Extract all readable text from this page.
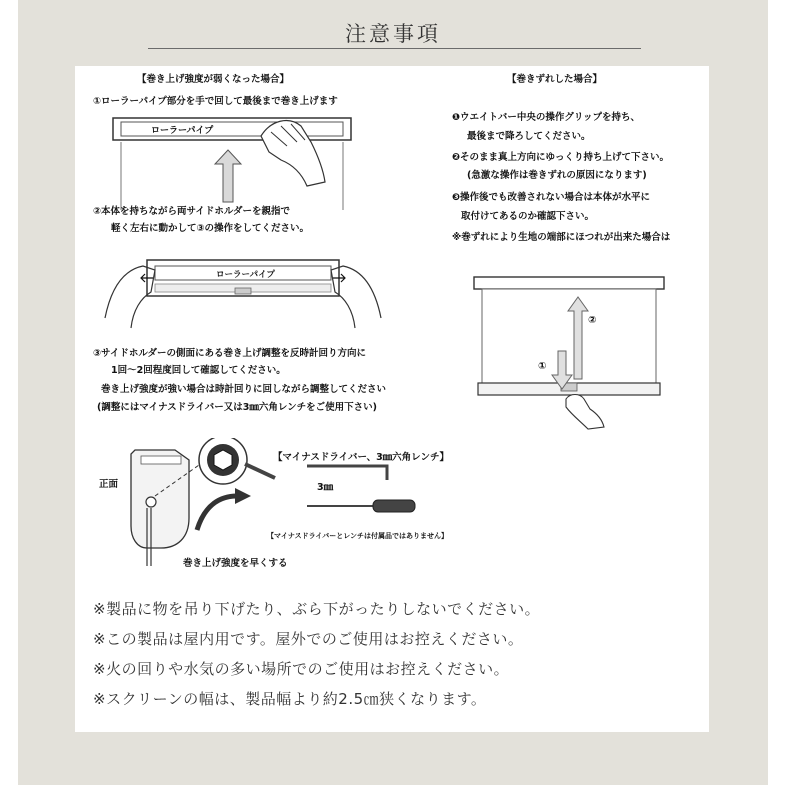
注意事項
【巻き上げ強度が弱くなった場合】
①ローラーパイプ部分を手で回して最後まで巻き上げます
ローラーパイプ
②本体を持ちながら両サイドホルダーを親指で
軽く左右に動かして③の操作をしてください。
ローラーパイプ
③サイドホルダーの側面にある巻き上げ調整を反時計回り方向に
1回～2回程度回して確認してください。
巻き上げ強度が強い場合は時計回りに回しながら調整してください
(調整にはマイナスドライバー又は3㎜六角レンチをご使用下さい)
正面
【マイナスドライバー、3㎜六角レンチ】
3㎜
【マイナスドライバーとレンチは付属品ではありません】
巻き上げ強度を早くする
【巻きずれした場合】
❶ウエイトバー中央の操作グリップを持ち、
最後まで降ろしてください。
❷そのまま真上方向にゆっくり持ち上げて下さい。
(急激な操作は巻きずれの原因になります)
❸操作後でも改善されない場合は本体が水平に
取付けてあるのか確認下さい。
※巻ずれにより生地の端部にほつれが出来た場合は
②
①
※製品に物を吊り下げたり、ぶら下がったりしないでください。
※この製品は屋内用です。屋外でのご使用はお控えください。
※火の回りや水気の多い場所でのご使用はお控えください。
※スクリーンの幅は、製品幅より約2.5㎝狭くなります。
